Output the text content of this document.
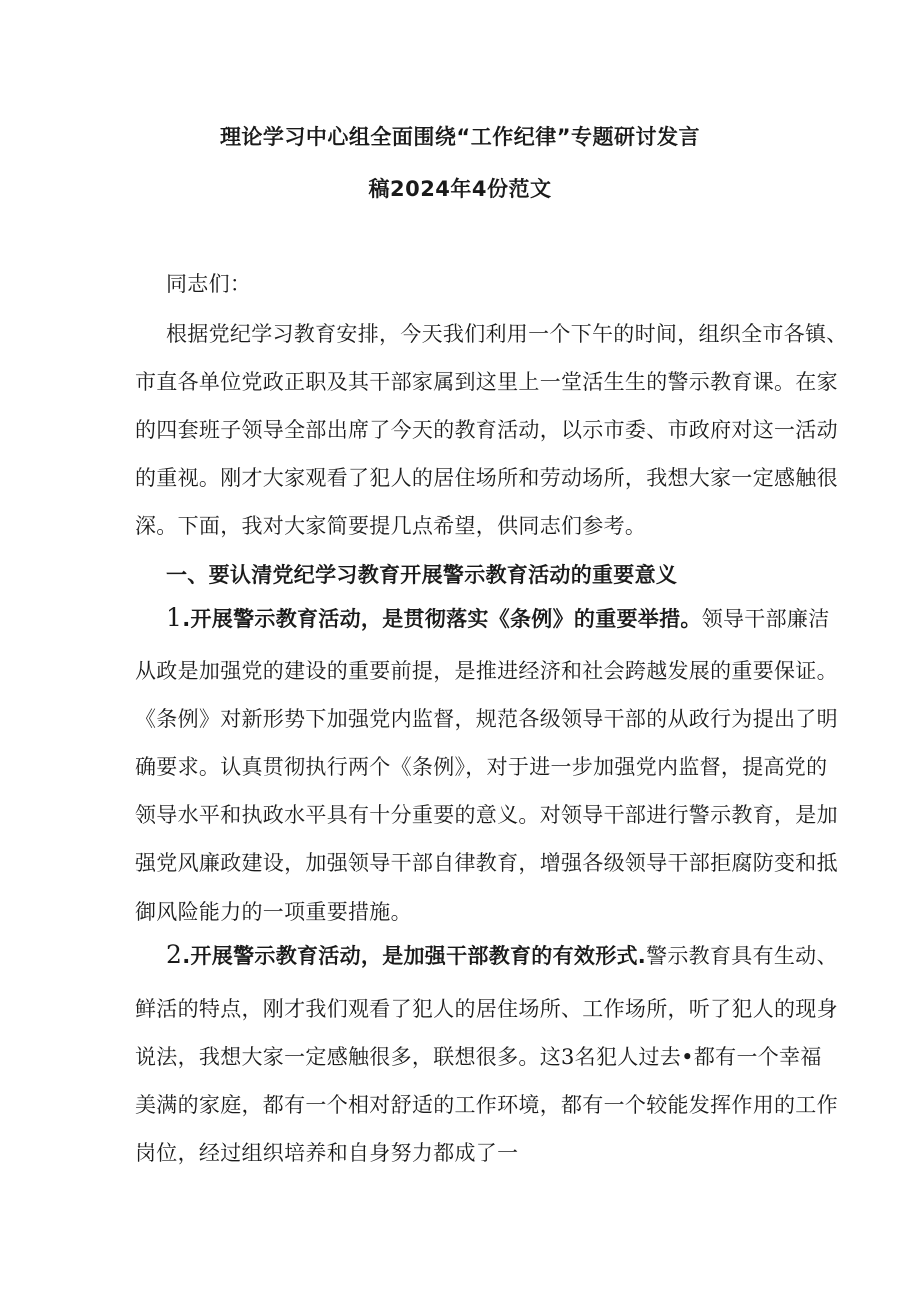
理论学习中心组全面围绕“工作纪律”专题研讨发言
稿2024年4份范文
同志们：
根据党纪学习教育安排，今天我们利用一个下午的时间，组织全市各镇、
市直各单位党政正职及其干部家属到这里上一堂活生生的警示教育课。在家
的四套班子领导全部出席了今天的教育活动，以示市委、市政府对这一活动
的重视。刚才大家观看了犯人的居住场所和劳动场所，我想大家一定感触很
深。下面，我对大家简要提几点希望，供同志们参考。
一、要认清党纪学习教育开展警示教育活动的重要意义
1.开展警示教育活动，是贯彻落实《条例》的重要举措。领导干部廉洁
从政是加强党的建设的重要前提，是推进经济和社会跨越发展的重要保证。
《条例》对新形势下加强党内监督，规范各级领导干部的从政行为提出了明
确要求。认真贯彻执行两个《条例》，对于进一步加强党内监督，提高党的
领导水平和执政水平具有十分重要的意义。对领导干部进行警示教育，是加
强党风廉政建设，加强领导干部自律教育，增强各级领导干部拒腐防变和抵
御风险能力的一项重要措施。
2.开展警示教育活动，是加强干部教育的有效形式.警示教育具有生动、
鲜活的特点，刚才我们观看了犯人的居住场所、工作场所，听了犯人的现身
说法，我想大家一定感触很多，联想很多。这3名犯人过去•都有一个幸福
美满的家庭，都有一个相对舒适的工作环境，都有一个较能发挥作用的工作
岗位，经过组织培养和自身努力都成了一
